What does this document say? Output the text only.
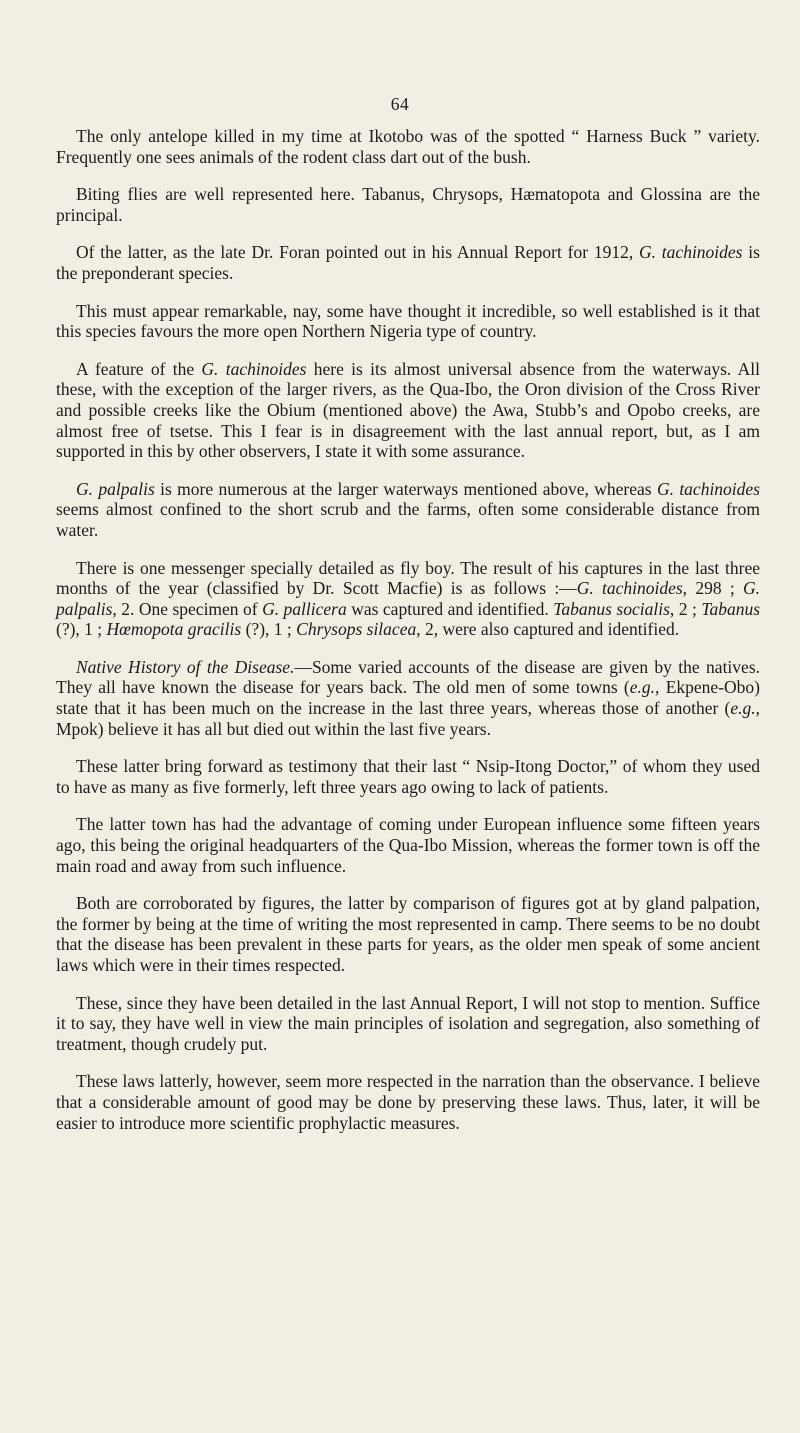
64

The only antelope killed in my time at Ikotobo was of the spotted “ Harness Buck ” variety. Frequently one sees animals of the rodent class dart out of the bush.

Biting flies are well represented here. Tabanus, Chrysops, Hæmatopota and Glossina are the principal.

Of the latter, as the late Dr. Foran pointed out in his Annual Report for 1912, G. tachinoides is the preponderant species.

This must appear remarkable, nay, some have thought it incredible, so well established is it that this species favours the more open Northern Nigeria type of country.

A feature of the G. tachinoides here is its almost universal absence from the waterways. All these, with the exception of the larger rivers, as the Qua-Ibo, the Oron division of the Cross River and possible creeks like the Obium (mentioned above) the Awa, Stubb’s and Opobo creeks, are almost free of tsetse. This I fear is in disagreement with the last annual report, but, as I am supported in this by other observers, I state it with some assurance.

G. palpalis is more numerous at the larger waterways mentioned above, whereas G. tachinoides seems almost confined to the short scrub and the farms, often some considerable distance from water.

There is one messenger specially detailed as fly boy. The result of his captures in the last three months of the year (classified by Dr. Scott Macfie) is as follows :—G. tachinoides, 298 ; G. palpalis, 2. One specimen of G. pallicera was captured and identified. Tabanus socialis, 2 ; Tabanus (?), 1 ; Hœmopota gracilis (?), 1 ; Chrysops silacea, 2, were also captured and identified.

Native History of the Disease.—Some varied accounts of the disease are given by the natives. They all have known the disease for years back. The old men of some towns (e.g., Ekpene-Obo) state that it has been much on the increase in the last three years, whereas those of another (e.g., Mpok) believe it has all but died out within the last five years.

These latter bring forward as testimony that their last “ Nsip-Itong Doctor,” of whom they used to have as many as five formerly, left three years ago owing to lack of patients.

The latter town has had the advantage of coming under European influence some fifteen years ago, this being the original headquarters of the Qua-Ibo Mission, whereas the former town is off the main road and away from such influence.

Both are corroborated by figures, the latter by comparison of figures got at by gland palpation, the former by being at the time of writing the most represented in camp. There seems to be no doubt that the disease has been prevalent in these parts for years, as the older men speak of some ancient laws which were in their times respected.

These, since they have been detailed in the last Annual Report, I will not stop to mention. Suffice it to say, they have well in view the main principles of isolation and segregation, also something of treatment, though crudely put.

These laws latterly, however, seem more respected in the narration than the observance. I believe that a considerable amount of good may be done by preserving these laws. Thus, later, it will be easier to introduce more scientific prophylactic measures.
